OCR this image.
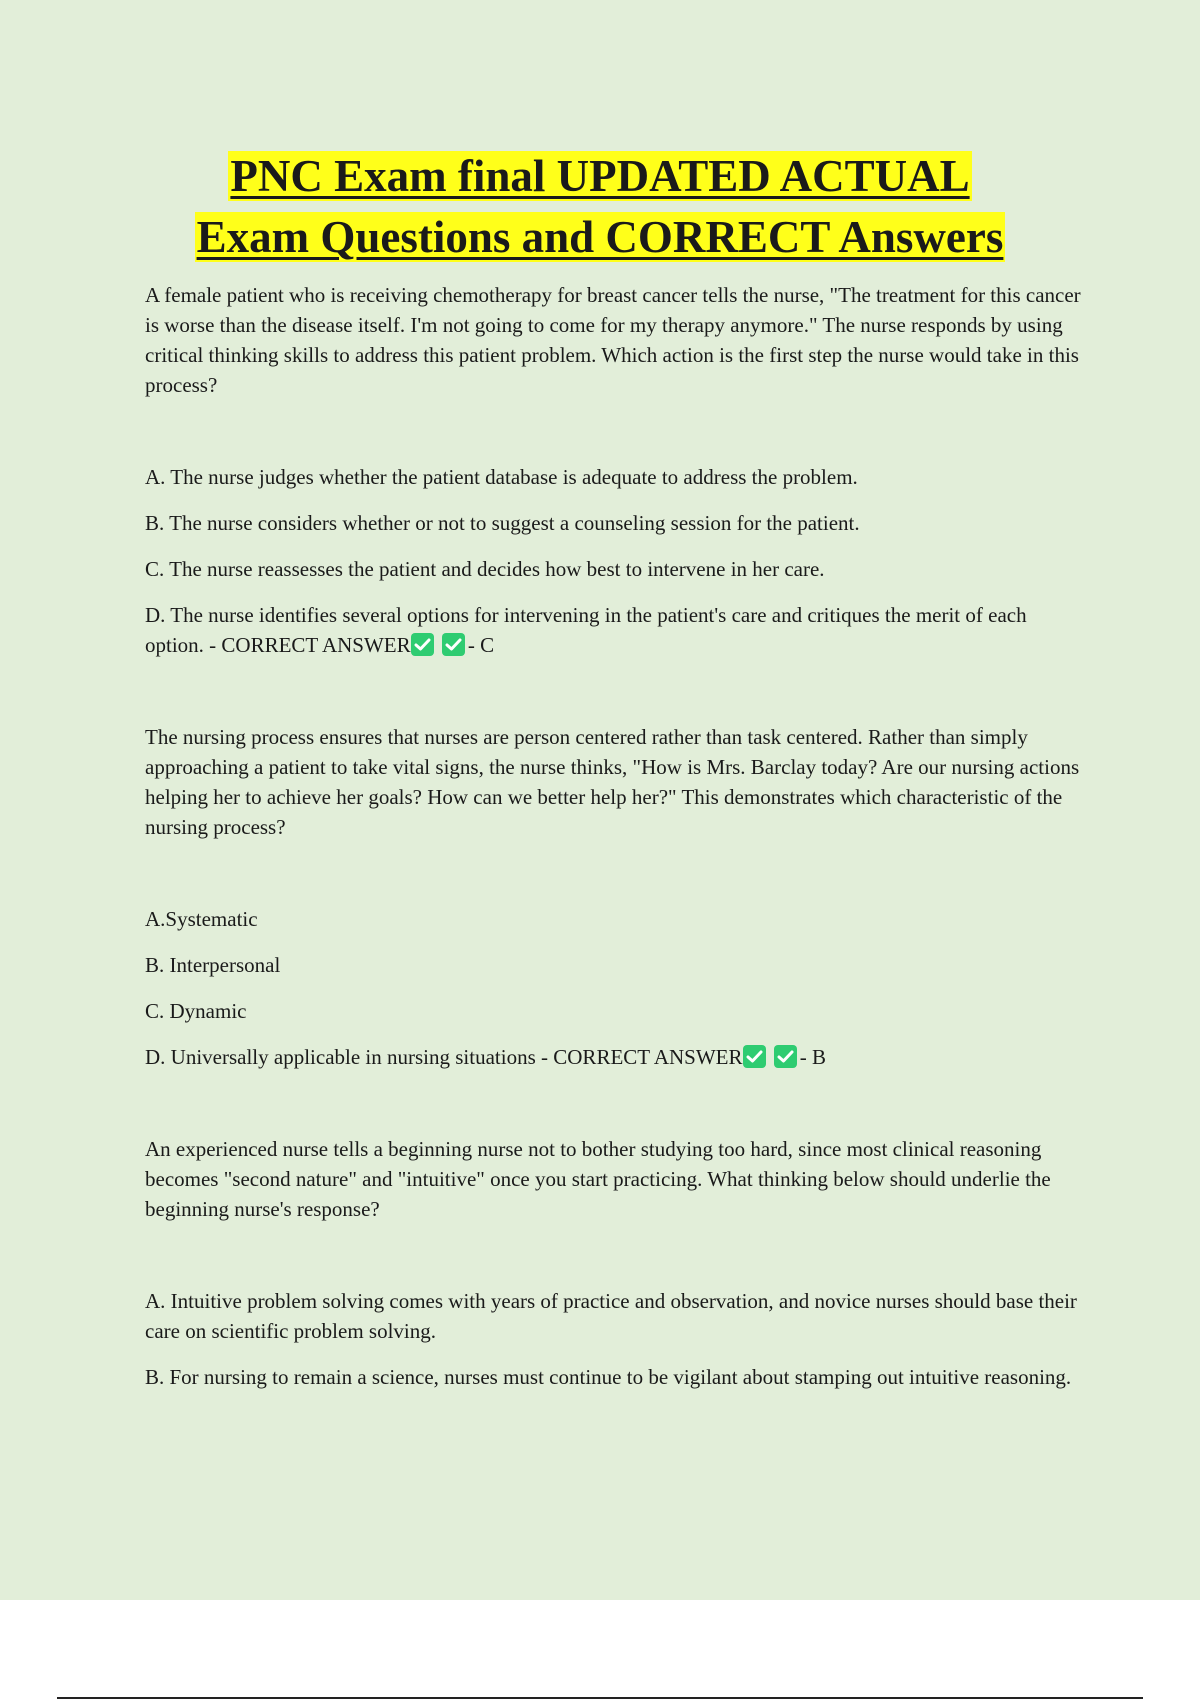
PNC Exam final UPDATED ACTUAL
Exam Questions and CORRECT Answers

A female patient who is receiving chemotherapy for breast cancer tells the nurse, "The treatment for this cancer is worse than the disease itself. I'm not going to come for my therapy anymore." The nurse responds by using critical thinking skills to address this patient problem. Which action is the first step the nurse would take in this process?

A. The nurse judges whether the patient database is adequate to address the problem.

B. The nurse considers whether or not to suggest a counseling session for the patient.

C. The nurse reassesses the patient and decides how best to intervene in her care.

D. The nurse identifies several options for intervening in the patient's care and critiques the merit of each option. - CORRECT ANSWER
	- C

The nursing process ensures that nurses are person centered rather than task centered. Rather than simply approaching a patient to take vital signs, the nurse thinks, "How is Mrs. Barclay today? Are our nursing actions helping her to achieve her goals? How can we better help her?" This demonstrates which characteristic of the nursing process?

A.Systematic

B. Interpersonal

C. Dynamic

D. Universally applicable in nursing situations - CORRECT ANSWER
	- B

An experienced nurse tells a beginning nurse not to bother studying too hard, since most clinical reasoning becomes "second nature" and "intuitive" once you start practicing. What thinking below should underlie the beginning nurse's response?

A. Intuitive problem solving comes with years of practice and observation, and novice nurses should base their care on scientific problem solving.

B. For nursing to remain a science, nurses must continue to be vigilant about stamping out intuitive reasoning.
